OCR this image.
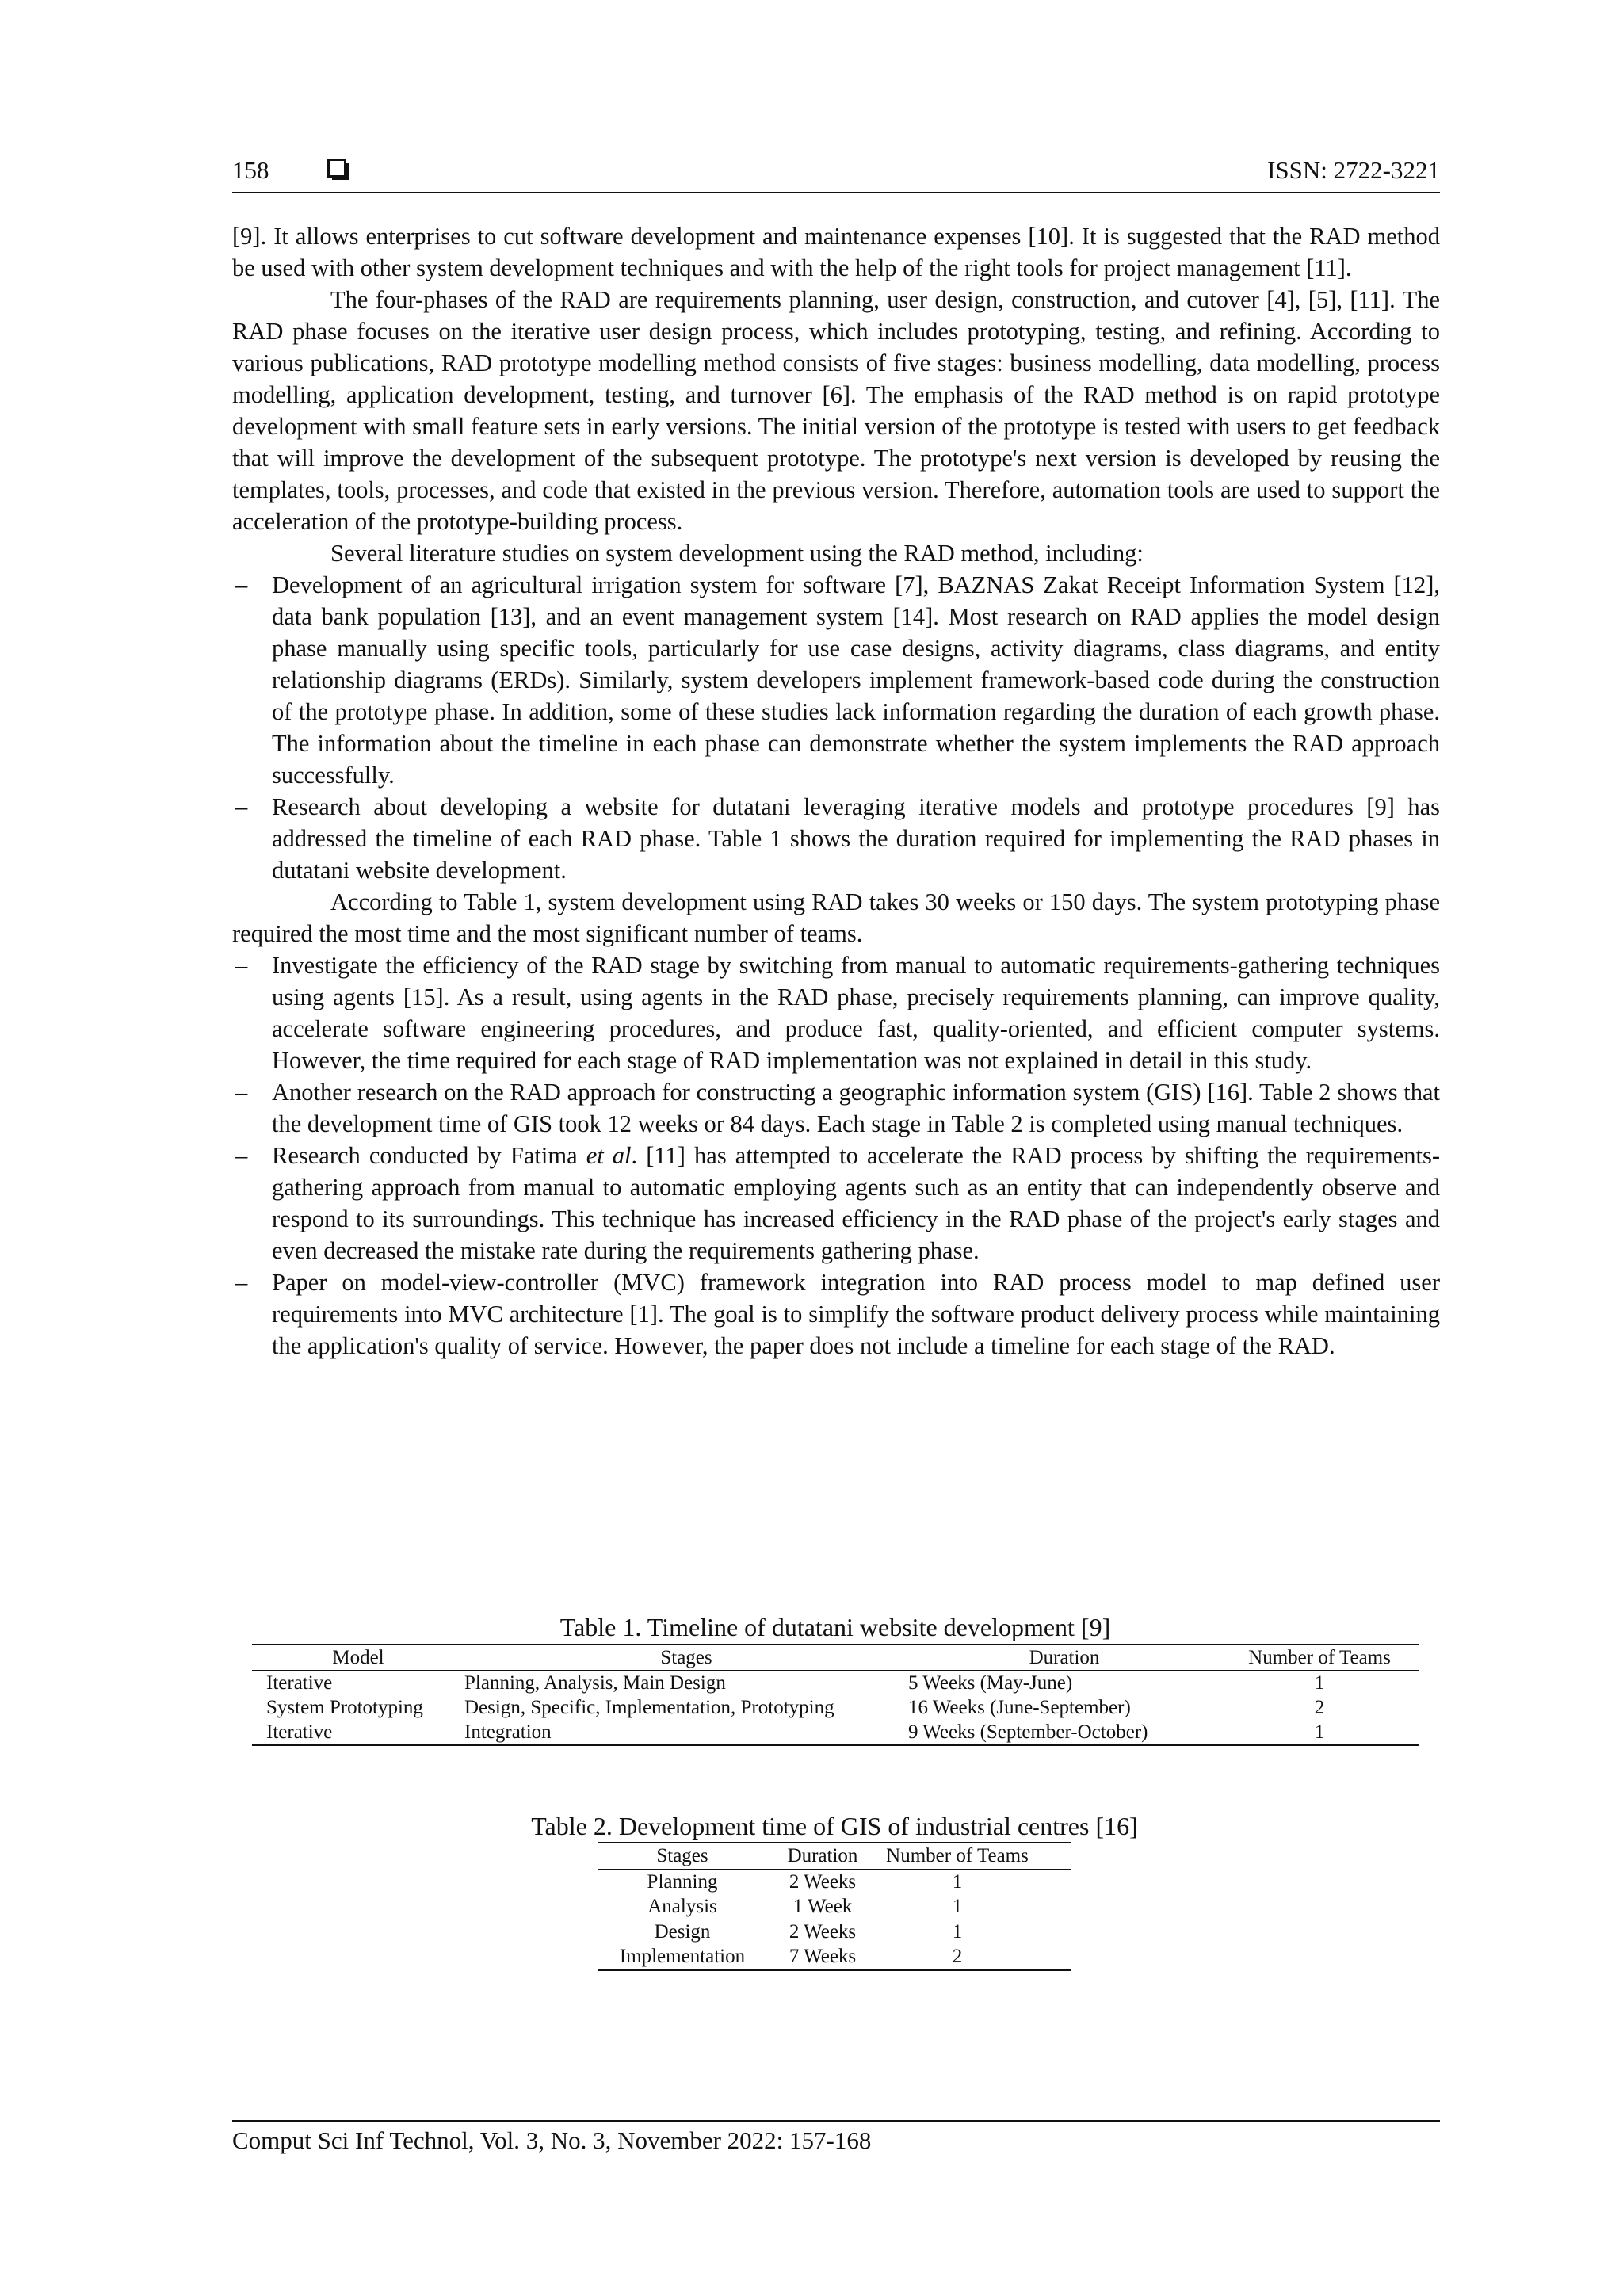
158	ISSN: 2722-3221

[9]. It allows enterprises to cut software development and maintenance expenses [10]. It is suggested that the RAD method be used with other system development techniques and with the help of the right tools for project management [11].

The four-phases of the RAD are requirements planning, user design, construction, and cutover [4], [5], [11]. The RAD phase focuses on the iterative user design process, which includes prototyping, testing, and refining. According to various publications, RAD prototype modelling method consists of five stages: business modelling, data modelling, process modelling, application development, testing, and turnover [6]. The emphasis of the RAD method is on rapid prototype development with small feature sets in early versions. The initial version of the prototype is tested with users to get feedback that will improve the development of the subsequent prototype. The prototype's next version is developed by reusing the templates, tools, processes, and code that existed in the previous version. Therefore, automation tools are used to support the acceleration of the prototype-building process.

Several literature studies on system development using the RAD method, including:

– Development of an agricultural irrigation system for software [7], BAZNAS Zakat Receipt Information System [12], data bank population [13], and an event management system [14]. Most research on RAD applies the model design phase manually using specific tools, particularly for use case designs, activity diagrams, class diagrams, and entity relationship diagrams (ERDs). Similarly, system developers implement framework-based code during the construction of the prototype phase. In addition, some of these studies lack information regarding the duration of each growth phase. The information about the timeline in each phase can demonstrate whether the system implements the RAD approach successfully.
– Research about developing a website for dutatani leveraging iterative models and prototype procedures [9] has addressed the timeline of each RAD phase. Table 1 shows the duration required for implementing the RAD phases in dutatani website development.

According to Table 1, system development using RAD takes 30 weeks or 150 days. The system prototyping phase required the most time and the most significant number of teams.

– Investigate the efficiency of the RAD stage by switching from manual to automatic requirements-gathering techniques using agents [15]. As a result, using agents in the RAD phase, precisely requirements planning, can improve quality, accelerate software engineering procedures, and produce fast, quality-oriented, and efficient computer systems. However, the time required for each stage of RAD implementation was not explained in detail in this study.
– Another research on the RAD approach for constructing a geographic information system (GIS) [16]. Table 2 shows that the development time of GIS took 12 weeks or 84 days. Each stage in Table 2 is completed using manual techniques.
– Research conducted by Fatima et al. [11] has attempted to accelerate the RAD process by shifting the requirements-gathering approach from manual to automatic employing agents such as an entity that can independently observe and respond to its surroundings. This technique has increased efficiency in the RAD phase of the project's early stages and even decreased the mistake rate during the requirements gathering phase.
– Paper on model-view-controller (MVC) framework integration into RAD process model to map defined user requirements into MVC architecture [1]. The goal is to simplify the software product delivery process while maintaining the application's quality of service. However, the paper does not include a timeline for each stage of the RAD.
Table 1. Timeline of dutatani website development [9]
Model	Stages	Duration	Number of Teams
Iterative	Planning, Analysis, Main Design	5 Weeks (May-June)	1
System Prototyping	Design, Specific, Implementation, Prototyping	16 Weeks (June-September)	2
Iterative	Integration	9 Weeks (September-October)	1
Table 2. Development time of GIS of industrial centres [16]
Stages	Duration	Number of Teams
Planning	2 Weeks	1
Analysis	1 Week	1
Design	2 Weeks	1
Implementation	7 Weeks	2
Comput Sci Inf Technol, Vol. 3, No. 3, November 2022: 157-168
